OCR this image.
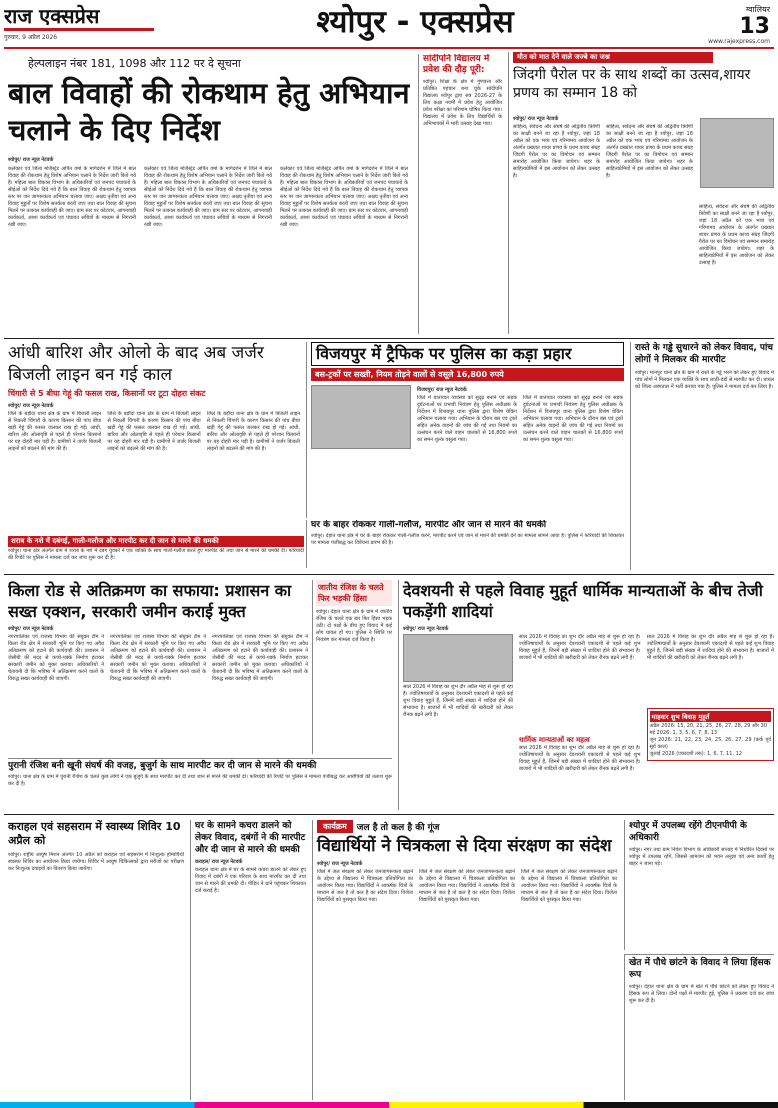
राज एक्सप्रेस
गुरुवार, 9 अप्रैल 2026	श्योपुर - एक्सप्रेस	ग्वालियर
13
www.rajexpress.com
हेल्पलाइन नंबर 181, 1098 और 112 पर दे सूचना
बाल विवाहों की रोकथाम हेतु अभियान चलाने के दिए निर्देश
श्योपुर/ राज न्यूज नेटवर्क
कलेक्टर एवं जिला मजिस्ट्रेट अर्पित वर्मा के मार्गदर्शन में जिले में बाल विवाह की रोकथाम हेतु विशेष अभियान चलाने के निर्देश जारी किये गये हैं। महिला बाल विकास विभाग के अधिकारियों एवं जनपद पंचायतों के सीईओ को निर्देश दिये गये हैं कि बाल विवाह की रोकथाम हेतु व्यापक स्तर पर जन जागरूकता अभियान चलाया जाए। अक्षय तृतीया एवं अन्य विवाह मुहूर्तों पर विशेष सतर्कता बरती जाए तथा बाल विवाह की सूचना मिलने पर तत्काल कार्यवाही की जाए। ग्राम स्तर पर कोटवार, आंगनवाड़ी कार्यकर्ता, आशा कार्यकर्ता एवं पंचायत सचिवों के माध्यम से निगरानी रखी जाए।
कलेक्टर एवं जिला मजिस्ट्रेट अर्पित वर्मा के मार्गदर्शन में जिले में बाल विवाह की रोकथाम हेतु विशेष अभियान चलाने के निर्देश जारी किये गये हैं। महिला बाल विकास विभाग के अधिकारियों एवं जनपद पंचायतों के सीईओ को निर्देश दिये गये हैं कि बाल विवाह की रोकथाम हेतु व्यापक स्तर पर जन जागरूकता अभियान चलाया जाए। अक्षय तृतीया एवं अन्य विवाह मुहूर्तों पर विशेष सतर्कता बरती जाए तथा बाल विवाह की सूचना मिलने पर तत्काल कार्यवाही की जाए। ग्राम स्तर पर कोटवार, आंगनवाड़ी कार्यकर्ता, आशा कार्यकर्ता एवं पंचायत सचिवों के माध्यम से निगरानी रखी जाए।
कलेक्टर एवं जिला मजिस्ट्रेट अर्पित वर्मा के मार्गदर्शन में जिले में बाल विवाह की रोकथाम हेतु विशेष अभियान चलाने के निर्देश जारी किये गये हैं। महिला बाल विकास विभाग के अधिकारियों एवं जनपद पंचायतों के सीईओ को निर्देश दिये गये हैं कि बाल विवाह की रोकथाम हेतु व्यापक स्तर पर जन जागरूकता अभियान चलाया जाए। अक्षय तृतीया एवं अन्य विवाह मुहूर्तों पर विशेष सतर्कता बरती जाए तथा बाल विवाह की सूचना मिलने पर तत्काल कार्यवाही की जाए। ग्राम स्तर पर कोटवार, आंगनवाड़ी कार्यकर्ता, आशा कार्यकर्ता एवं पंचायत सचिवों के माध्यम से निगरानी रखी जाए।
सांदीपनि विद्यालय में प्रवेश की दौड़ पूरी:
श्योपुर। शिक्षा के क्षेत्र में गुणवत्ता और प्रतिष्ठित पहचान बना चुके सांदीपनि विद्यालय श्योपुर द्वारा सत्र 2026-27 के लिए कक्षा नवमीं में प्रवेश हेतु आयोजित प्रवेश परीक्षा का परिणाम घोषित किया गया। विद्यालय में प्रवेश के लिए विद्यार्थियों के अभिभावकों में भारी उत्साह देखा गया।
मौत को मात देने वाले जज्बे का जश्न
जिंदगी पैरोल पर के साथ शब्दों का उत्सव,शायर प्रणय का सम्मान 18 को
श्योपुर/ राज न्यूज नेटवर्क
साहित्य, संवेदना और संघर्ष की अद्वितीय त्रिवेणी का साक्षी बनने जा रहा है श्योपुर, जहां 18 अप्रैल को एक भव्य एवं गरिमामय आयोजन के अंतर्गत प्रख्यात शायर प्रणय के प्रथम काव्य संग्रह जिंदगी पैरोल पर का विमोचन एवं सम्मान समारोह आयोजित किया जायेगा। शहर के साहित्यप्रेमियों में इस आयोजन को लेकर उत्साह है।
साहित्य, संवेदना और संघर्ष की अद्वितीय त्रिवेणी का साक्षी बनने जा रहा है श्योपुर, जहां 18 अप्रैल को एक भव्य एवं गरिमामय आयोजन के अंतर्गत प्रख्यात शायर प्रणय के प्रथम काव्य संग्रह जिंदगी पैरोल पर का विमोचन एवं सम्मान समारोह आयोजित किया जायेगा। शहर के साहित्यप्रेमियों में इस आयोजन को लेकर उत्साह है।
साहित्य, संवेदना और संघर्ष की अद्वितीय त्रिवेणी का साक्षी बनने जा रहा है श्योपुर, जहां 18 अप्रैल को एक भव्य एवं गरिमामय आयोजन के अंतर्गत प्रख्यात शायर प्रणय के प्रथम काव्य संग्रह जिंदगी पैरोल पर का विमोचन एवं सम्मान समारोह आयोजित किया जायेगा। शहर के साहित्यप्रेमियों में इस आयोजन को लेकर उत्साह है।
आंधी बारिश और ओलो के बाद अब जर्जर बिजली लाइन बन गई काल
चिंगारी से 5 बीघा गेहूं की फसल राख, किसानों पर टूटा दोहरा संकट
श्योपुर/ राज न्यूज नेटवर्क
जिले के बड़ौदा थाना क्षेत्र के ग्राम में बिजली लाइन से निकली चिंगारी के कारण किसान की पांच बीघा खड़ी गेहूं की फसल जलकर राख हो गई। आंधी, बारिश और ओलावृष्टि से पहले ही परेशान किसानों पर यह दोहरी मार पड़ी है। ग्रामीणों ने जर्जर बिजली लाइनों को बदलने की मांग की है।
जिले के बड़ौदा थाना क्षेत्र के ग्राम में बिजली लाइन से निकली चिंगारी के कारण किसान की पांच बीघा खड़ी गेहूं की फसल जलकर राख हो गई। आंधी, बारिश और ओलावृष्टि से पहले ही परेशान किसानों पर यह दोहरी मार पड़ी है। ग्रामीणों ने जर्जर बिजली लाइनों को बदलने की मांग की है।
जिले के बड़ौदा थाना क्षेत्र के ग्राम में बिजली लाइन से निकली चिंगारी के कारण किसान की पांच बीघा खड़ी गेहूं की फसल जलकर राख हो गई। आंधी, बारिश और ओलावृष्टि से पहले ही परेशान किसानों पर यह दोहरी मार पड़ी है। ग्रामीणों ने जर्जर बिजली लाइनों को बदलने की मांग की है।
विजयपुर में ट्रैफिक पर पुलिस का कड़ा प्रहार
बस-ट्रकों पर सख्ती, नियम तोड़ने वालों से वसूले 16,800 रुपये
विजयपुर/ राज न्यूज नेटवर्क
जिले में यातायात व्यवस्था को सुदृढ़ बनाने एवं सड़क दुर्घटनाओं पर प्रभावी नियंत्रण हेतु पुलिस अधीक्षक के निर्देशन में विजयपुर थाना पुलिस द्वारा विशेष चेकिंग अभियान चलाया गया। अभियान के दौरान बस एवं ट्रकों सहित अनेक वाहनों की जांच की गई तथा नियमों का उल्लंघन करने वाले वाहन चालकों से 16,800 रुपये का समन शुल्क वसूला गया।
जिले में यातायात व्यवस्था को सुदृढ़ बनाने एवं सड़क दुर्घटनाओं पर प्रभावी नियंत्रण हेतु पुलिस अधीक्षक के निर्देशन में विजयपुर थाना पुलिस द्वारा विशेष चेकिंग अभियान चलाया गया। अभियान के दौरान बस एवं ट्रकों सहित अनेक वाहनों की जांच की गई तथा नियमों का उल्लंघन करने वाले वाहन चालकों से 16,800 रुपये का समन शुल्क वसूला गया।
रास्ते के गड्ढे सुधारने को लेकर विवाद, पांच लोगों ने मिलकर की मारपीट
श्योपुर। मानपुर थाना क्षेत्र के ग्राम में रास्ते के गड्ढे भरने को लेकर हुए विवाद में पांच लोगों ने मिलकर एक व्यक्ति के साथ लाठी-डंडों से मारपीट कर दी। घायल को जिला अस्पताल में भर्ती कराया गया है। पुलिस ने मामला दर्ज कर लिया है।
शराब के नशे में दबंगई, गाली-गलौज और मारपीट कर दी जान से मारने की धमकी
श्योपुर। थाना क्षेत्र अंतर्गत ग्राम में शराब के नशे में दबंग युवकों ने एक व्यक्ति के साथ गाली-गलौज करते हुए मारपीट की तथा जान से मारने की धमकी दी। फरियादी की रिपोर्ट पर पुलिस ने मामला दर्ज कर जांच शुरू कर दी है।
घर के बाहर रोककर गाली-गलौज, मारपीट और जान से मारने की धमकी
श्योपुर। देहात थाना क्षेत्र में घर के बाहर रोककर गाली-गलौज करने, मारपीट करने एवं जान से मारने की धमकी देने का मामला सामने आया है। पुलिस ने फरियादी की शिकायत पर मामला पंजीबद्ध कर विवेचना प्रारंभ की है।
किला रोड से अतिक्रमण का सफाया: प्रशासन का सख्त एक्शन, सरकारी जमीन कराई मुक्त
श्योपुर/ राज न्यूज नेटवर्क
नगरपालिका एवं राजस्व विभाग की संयुक्त टीम ने किला रोड क्षेत्र में सरकारी भूमि पर किए गए अवैध अतिक्रमण को हटाने की कार्यवाही की। प्रशासन ने जेसीबी की मदद से कच्चे-पक्के निर्माण हटाकर सरकारी जमीन को मुक्त कराया। अधिकारियों ने चेतावनी दी कि भविष्य में अतिक्रमण करने वालों के विरुद्ध सख्त कार्यवाही की जाएगी।
नगरपालिका एवं राजस्व विभाग की संयुक्त टीम ने किला रोड क्षेत्र में सरकारी भूमि पर किए गए अवैध अतिक्रमण को हटाने की कार्यवाही की। प्रशासन ने जेसीबी की मदद से कच्चे-पक्के निर्माण हटाकर सरकारी जमीन को मुक्त कराया। अधिकारियों ने चेतावनी दी कि भविष्य में अतिक्रमण करने वालों के विरुद्ध सख्त कार्यवाही की जाएगी।
नगरपालिका एवं राजस्व विभाग की संयुक्त टीम ने किला रोड क्षेत्र में सरकारी भूमि पर किए गए अवैध अतिक्रमण को हटाने की कार्यवाही की। प्रशासन ने जेसीबी की मदद से कच्चे-पक्के निर्माण हटाकर सरकारी जमीन को मुक्त कराया। अधिकारियों ने चेतावनी दी कि भविष्य में अतिक्रमण करने वालों के विरुद्ध सख्त कार्यवाही की जाएगी।
जातीय रंजिश के चलते फिर भड़की हिंसा
श्योपुर। देहात थाना क्षेत्र के ग्राम में जातीय रंजिश के चलते एक बार फिर हिंसा भड़क उठी। दो पक्षों के बीच हुए विवाद में कई लोग घायल हो गए। पुलिस ने स्थिति पर नियंत्रण कर मामला दर्ज किया है।
देवशयनी से पहले विवाह मुहूर्त धार्मिक मान्यताओं के बीच तेजी पकड़ेंगी शादियां
श्योपुर/ राज न्यूज नेटवर्क
साल 2026 में विवाह का शुभ दौर अप्रैल माह से शुरू हो रहा है। ज्योतिषाचार्यों के अनुसार देवशयनी एकादशी से पहले कई शुभ विवाह मुहूर्त हैं, जिनमें बड़ी संख्या में शादियां होने की संभावना है। बाजारों में भी शादियों की खरीदारी को लेकर रौनक बढ़ने लगी है।
साल 2026 में विवाह का शुभ दौर अप्रैल माह से शुरू हो रहा है। ज्योतिषाचार्यों के अनुसार देवशयनी एकादशी से पहले कई शुभ विवाह मुहूर्त हैं, जिनमें बड़ी संख्या में शादियां होने की संभावना है। बाजारों में भी शादियों की खरीदारी को लेकर रौनक बढ़ने लगी है।
धार्मिक मान्यताओं का महत्व
साल 2026 में विवाह का शुभ दौर अप्रैल माह से शुरू हो रहा है। ज्योतिषाचार्यों के अनुसार देवशयनी एकादशी से पहले कई शुभ विवाह मुहूर्त हैं, जिनमें बड़ी संख्या में शादियां होने की संभावना है। बाजारों में भी शादियों की खरीदारी को लेकर रौनक बढ़ने लगी है।
साल 2026 में विवाह का शुभ दौर अप्रैल माह से शुरू हो रहा है। ज्योतिषाचार्यों के अनुसार देवशयनी एकादशी से पहले कई शुभ विवाह मुहूर्त हैं, जिनमें बड़ी संख्या में शादियां होने की संभावना है। बाजारों में भी शादियों की खरीदारी को लेकर रौनक बढ़ने लगी है।
माहवार शुभ विवाह मुहूर्त
अप्रैल 2026: 15, 20, 21, 25, 26, 27, 28, 29 और 30
मई 2026: 1, 3, 5, 6, 7, 8, 13
जून 2026: 21, 22, 23, 24, 25, 26, 27, 29 (कर्क पूर्व सूर्य काल)
जुलाई 2026 (एकादशी तक): 1, 6, 7, 11, 12
पुरानी रंजिश बनी खूनी संघर्ष की वजह, बुजुर्ग के साथ मारपीट कर दी जान से मारने की धमकी
श्योपुर। थाना क्षेत्र के ग्राम में पुरानी रंजिश के चलते कुछ लोगों ने एक बुजुर्ग के साथ मारपीट कर दी तथा जान से मारने की धमकी दी। फरियादी की रिपोर्ट पर पुलिस ने मामला पंजीबद्ध कर आरोपियों की तलाश शुरू कर दी है।
कराहल एवं सहसराम में स्वास्थ्य शिविर 10 अप्रैल को
श्योपुर। राष्ट्रीय आयुष मिशन अंतर्गत 10 अप्रैल को कराहल एवं सहसराम में निःशुल्क होम्योपैथी स्वास्थ्य शिविर का आयोजन किया जायेगा। शिविर में आयुष चिकित्सकों द्वारा मरीजों का परीक्षण कर निःशुल्क दवाइयों का वितरण किया जायेगा।
घर के सामने कचरा डालने को लेकर विवाद, दबंगों ने की मारपीट और दी जान से मारने की धमकी
कराहल/ राज न्यूज नेटवर्क
कराहल थाना क्षेत्र में घर के सामने कचरा डालने को लेकर हुए विवाद में दबंगों ने एक परिवार के साथ मारपीट कर दी तथा जान से मारने की धमकी दी। पीड़ित ने थाने पहुंचकर शिकायत दर्ज कराई है।
कार्यक्रम	जल है तो कल है की गूंज
विद्यार्थियों ने चित्रकला से दिया संरक्षण का संदेश
श्योपुर/ राज न्यूज नेटवर्क
जिले में जल संरक्षण को लेकर जनजागरूकता बढ़ाने के उद्देश्य से विद्यालय में चित्रकला प्रतियोगिता का आयोजन किया गया। विद्यार्थियों ने आकर्षक चित्रों के माध्यम से जल है तो कल है का संदेश दिया। विजेता विद्यार्थियों को पुरस्कृत किया गया।
जिले में जल संरक्षण को लेकर जनजागरूकता बढ़ाने के उद्देश्य से विद्यालय में चित्रकला प्रतियोगिता का आयोजन किया गया। विद्यार्थियों ने आकर्षक चित्रों के माध्यम से जल है तो कल है का संदेश दिया। विजेता विद्यार्थियों को पुरस्कृत किया गया।
जिले में जल संरक्षण को लेकर जनजागरूकता बढ़ाने के उद्देश्य से विद्यालय में चित्रकला प्रतियोगिता का आयोजन किया गया। विद्यार्थियों ने आकर्षक चित्रों के माध्यम से जल है तो कल है का संदेश दिया। विजेता विद्यार्थियों को पुरस्कृत किया गया।
श्योपुर में उपलब्ध रहेंगे टीएनपीपी के अधिकारी
श्योपुर। नगर तथा ग्राम निवेश विभाग के अधिकारी सप्ताह में निर्धारित दिवसों पर श्योपुर में उपलब्ध रहेंगे, जिससे आमजन को भवन अनुज्ञा एवं अन्य कार्यों हेतु बाहर न जाना पड़े।
खेत में पौधे छांटने के विवाद ने लिया हिंसक रूप
श्योपुर। देहात थाना क्षेत्र के ग्राम में खेत में पौधे छांटने को लेकर हुए विवाद ने हिंसक रूप ले लिया। दोनों पक्षों में मारपीट हुई, पुलिस ने प्रकरण दर्ज कर जांच शुरू कर दी है।
